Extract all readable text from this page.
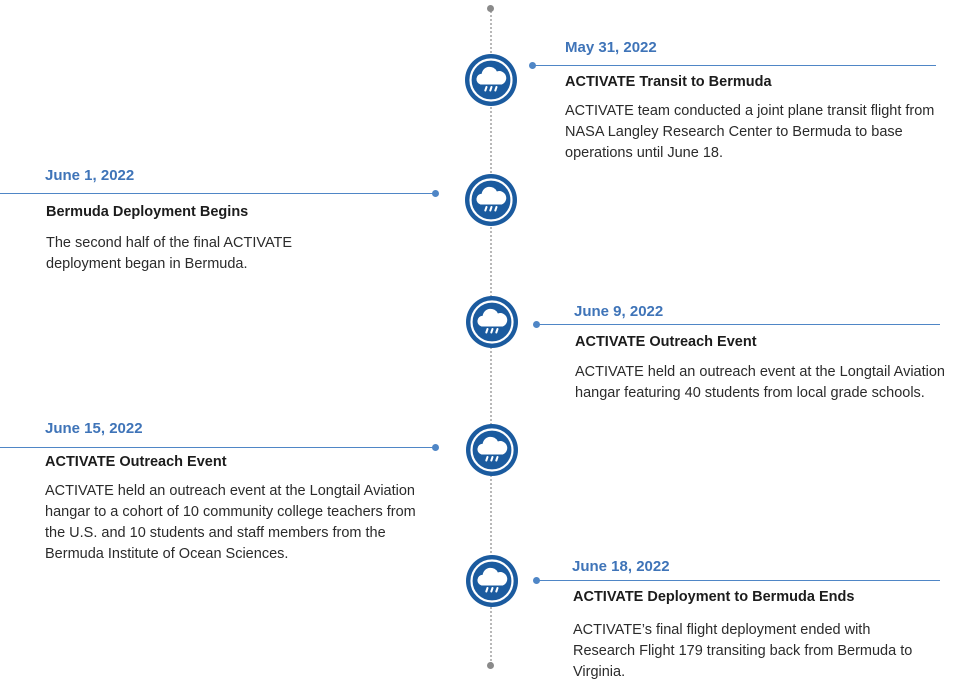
May 31, 2022
ACTIVATE Transit to Bermuda
ACTIVATE team conducted a joint plane transit flight from NASA Langley Research Center to Bermuda to base operations until June 18.
June 1, 2022
Bermuda Deployment Begins
The second half of the final ACTIVATE deployment began in Bermuda.
June 9, 2022
ACTIVATE Outreach Event
ACTIVATE held an outreach event at the Longtail Aviation hangar featuring 40 students from local grade schools.
June 15, 2022
ACTIVATE Outreach Event
ACTIVATE held an outreach event at the Longtail Aviation hangar to a cohort of 10 community college teachers from the U.S. and 10 students and staff members from the Bermuda Institute of Ocean Sciences.
June 18, 2022
ACTIVATE Deployment to Bermuda Ends
ACTIVATE’s final flight deployment ended with Research Flight 179 transiting back from Bermuda to Virginia.
